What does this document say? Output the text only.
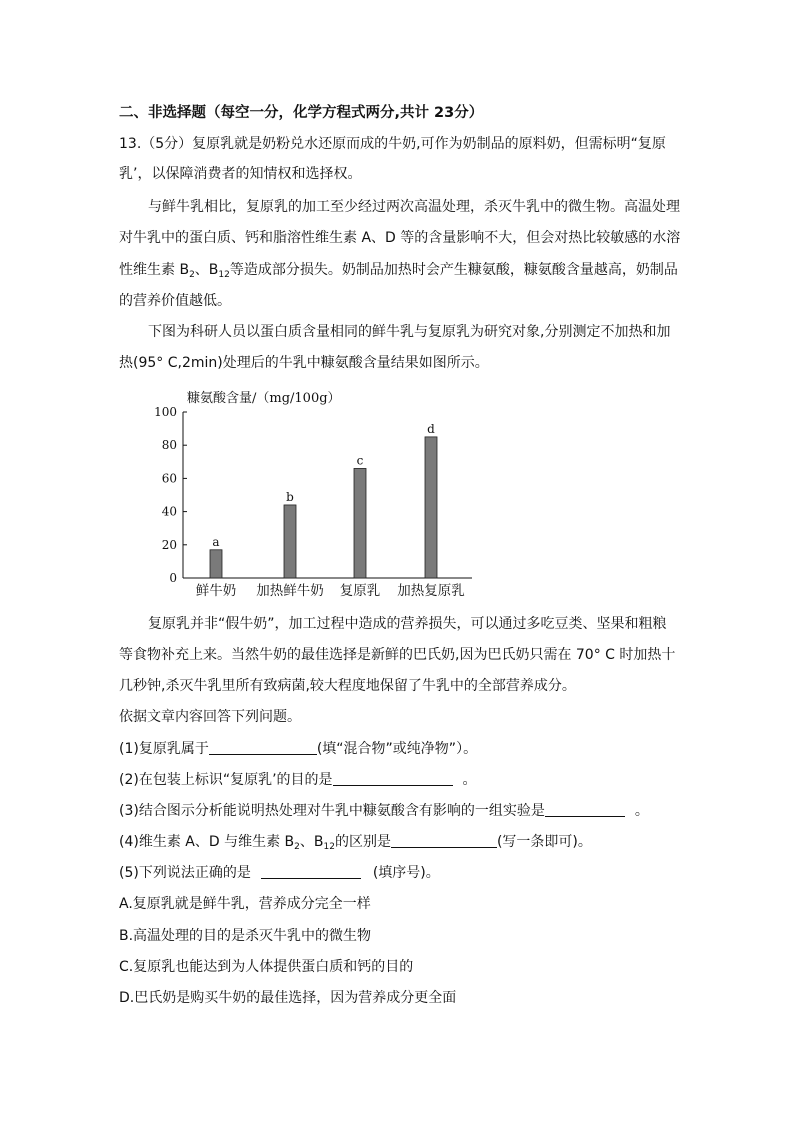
二、非选择题（每空一分，化学方程式两分,共计 23分）
13.（5分）复原乳就是奶粉兑水还原而成的牛奶,可作为奶制品的原料奶，但需标明“复原
乳’，以保障消费者的知情权和选择权。
与鲜牛乳相比，复原乳的加工至少经过两次高温处理，杀灭牛乳中的微生物。高温处理
对牛乳中的蛋白质、钙和脂溶性维生素 A、D 等的含量影响不大，但会对热比较敏感的水溶
性维生素 $B_2$、$B_{12}$等造成部分损失。奶制品加热时会产生糠氨酸，糠氨酸含量越高，奶制品
的营养价值越低。
下图为科研人员以蛋白质含量相同的鲜牛乳与复原乳为研究对象,分别测定不加热和加
热(95° C,2min)处理后的牛乳中糠氨酸含量结果如图所示。
糠氨酸含量/（mg/100g）
0
20
40
60
80
100
a
b
c
d
鲜牛奶 加热鲜牛奶 复原乳 加热复原乳
复原乳并非“假牛奶”，加工过程中造成的营养损失，可以通过多吃豆类、坚果和粗粮
等食物补充上来。当然牛奶的最佳选择是新鲜的巴氏奶,因为巴氏奶只需在 70° C 时加热十
几秒钟,杀灭牛乳里所有致病菌,较大程度地保留了牛乳中的全部营养成分。
依据文章内容回答下列问题。
(1)复原乳属于	(填“混合物”或纯净物”）。
(2)在包装上标识“复原乳’的目的是	。
(3)结合图示分析能说明热处理对牛乳中糠氨酸含有影响的一组实验是	。
(4)维生素 A、D 与维生素 $B_2$、$B_{12}$的区别是	(写一条即可)。
(5)下列说法正确的是	(填序号)。
A.复原乳就是鲜牛乳，营养成分完全一样
B.高温处理的目的是杀灭牛乳中的微生物
C.复原乳也能达到为人体提供蛋白质和钙的目的
D.巴氏奶是购买牛奶的最佳选择，因为营养成分更全面
